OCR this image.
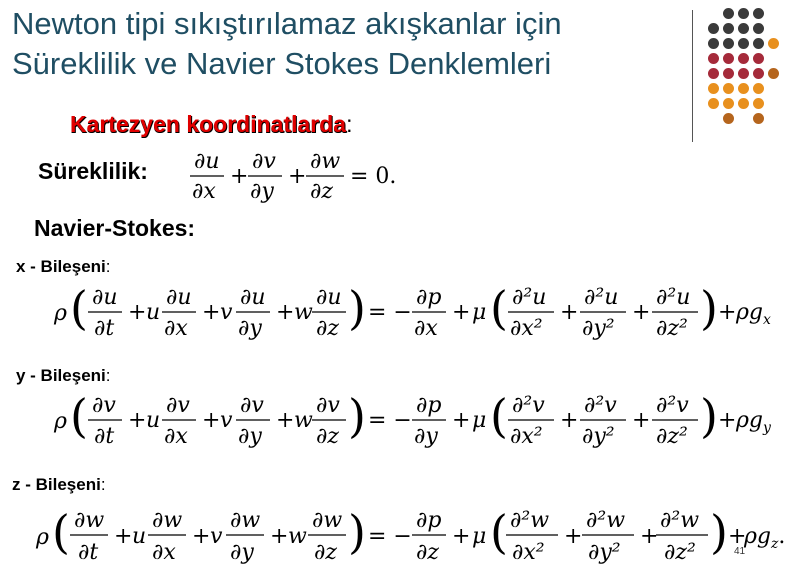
Newton tipi sıkıştırılamaz akışkanlar için
Süreklilik ve Navier Stokes Denklemleri
Kartezyen koordinatlarda:
Süreklilik: ∂u
∂x
+
∂v
∂y
+
∂w
∂z
= 0.
Navier-Stokes:
x - Bileşeni:
ρ ( ∂u
∂t
+ u
∂u
∂x
+ v
∂u
∂y
+ w
∂u
∂z ) = −
∂p
∂x
+ μ ( ∂²u
∂x²
+
∂²u
∂y²
+
∂²u
∂z² ) + $\rho g_x$
y - Bileşeni:
ρ ( ∂v
∂t
+ u
∂v
∂x
+ v
∂v
∂y
+ w
∂v
∂z ) = −
∂p
∂y
+ μ ( ∂²v
∂x²
+
∂²v
∂y²
+
∂²v
∂z² ) + $\rho g_y$
z - Bileşeni:
ρ ( ∂w
∂t
+ u
∂w
∂x
+ v
∂w
∂y
+ w
∂w
∂z ) = −
∂p
∂z
+ μ ( ∂²w
∂x²
+
∂²w
∂y²
+
∂²w
∂z² ) +
$\rho g_z$.
41
